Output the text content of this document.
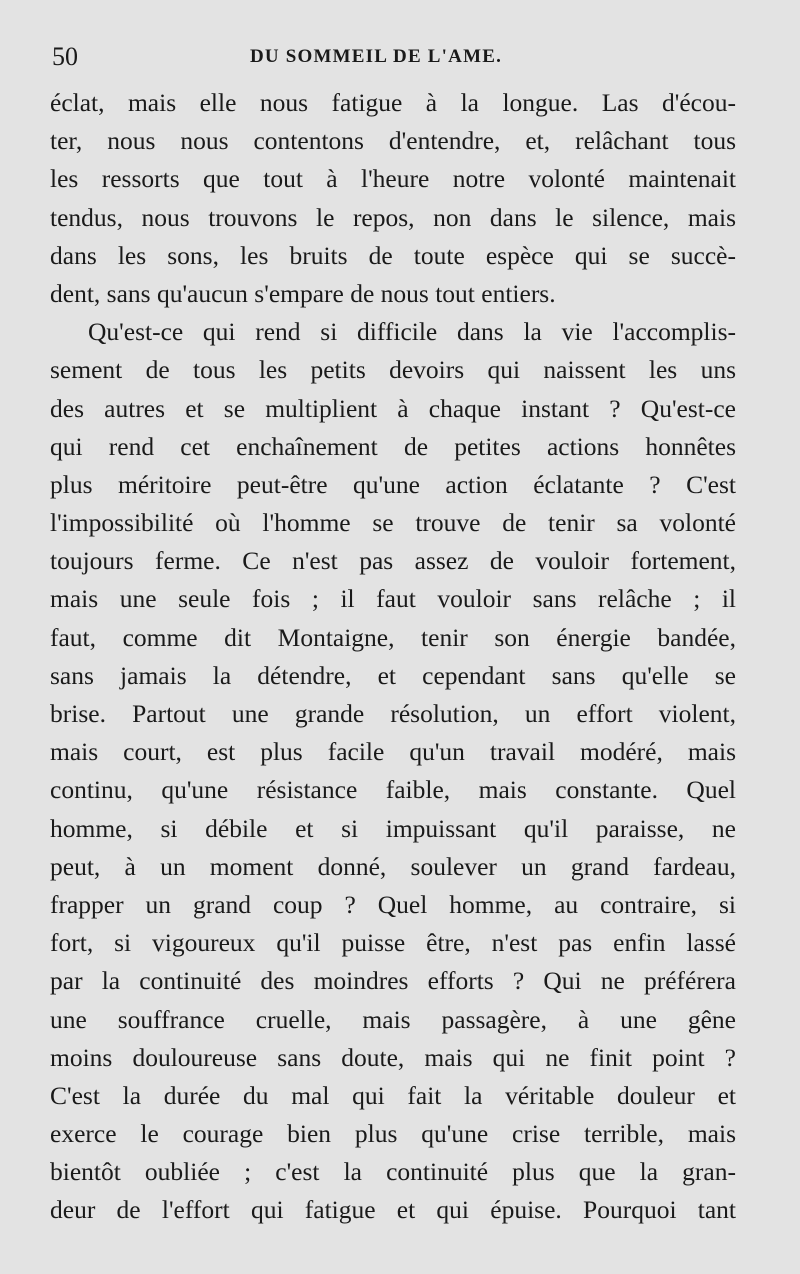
50	DU SOMMEIL DE L'AME.
éclat, mais elle nous fatigue à la longue. Las d'écou-
ter, nous nous contentons d'entendre, et, relâchant tous
les ressorts que tout à l'heure notre volonté maintenait
tendus, nous trouvons le repos, non dans le silence, mais
dans les sons, les bruits de toute espèce qui se succè-
dent, sans qu'aucun s'empare de nous tout entiers.
Qu'est-ce qui rend si difficile dans la vie l'accomplis-
sement de tous les petits devoirs qui naissent les uns
des autres et se multiplient à chaque instant ? Qu'est-ce
qui rend cet enchaînement de petites actions honnêtes
plus méritoire peut-être qu'une action éclatante ? C'est
l'impossibilité où l'homme se trouve de tenir sa volonté
toujours ferme. Ce n'est pas assez de vouloir fortement,
mais une seule fois ; il faut vouloir sans relâche ; il
faut, comme dit Montaigne, tenir son énergie bandée,
sans jamais la détendre, et cependant sans qu'elle se
brise. Partout une grande résolution, un effort violent,
mais court, est plus facile qu'un travail modéré, mais
continu, qu'une résistance faible, mais constante. Quel
homme, si débile et si impuissant qu'il paraisse, ne
peut, à un moment donné, soulever un grand fardeau,
frapper un grand coup ? Quel homme, au contraire, si
fort, si vigoureux qu'il puisse être, n'est pas enfin lassé
par la continuité des moindres efforts ? Qui ne préférera
une souffrance cruelle, mais passagère, à une gêne
moins douloureuse sans doute, mais qui ne finit point ?
C'est la durée du mal qui fait la véritable douleur et
exerce le courage bien plus qu'une crise terrible, mais
bientôt oubliée ; c'est la continuité plus que la gran-
deur de l'effort qui fatigue et qui épuise. Pourquoi tant
